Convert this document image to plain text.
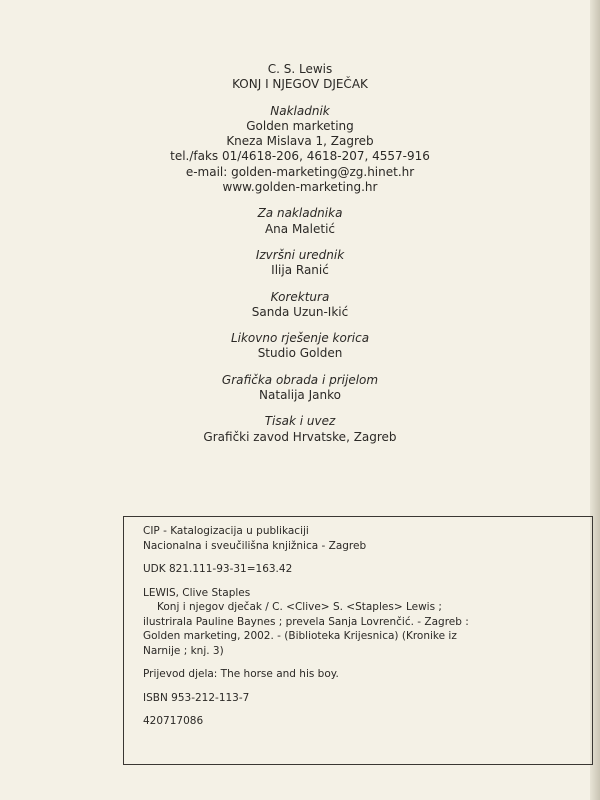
C. S. Lewis
KONJ I NJEGOV DJEČAK
Nakladnik
Golden marketing
Kneza Mislava 1, Zagreb
tel./faks 01/4618-206, 4618-207, 4557-916
e-mail: golden-marketing@zg.hinet.hr
www.golden-marketing.hr
Za nakladnika
Ana Maletić
Izvršni urednik
Ilija Ranić
Korektura
Sanda Uzun-Ikić
Likovno rješenje korica
Studio Golden
Grafička obrada i prijelom
Natalija Janko
Tisak i uvez
Grafički zavod Hrvatske, Zagreb
CIP - Katalogizacija u publikaciji
Nacionalna i sveučilišna knjižnica - Zagreb
UDK 821.111-93-31=163.42
LEWIS, Clive Staples
Konj i njegov dječak / C. <Clive> S. <Staples> Lewis ;
ilustrirala Pauline Baynes ; prevela Sanja Lovrenčić. - Zagreb :
Golden marketing, 2002. - (Biblioteka Krijesnica) (Kronike iz
Narnije ; knj. 3)
Prijevod djela: The horse and his boy.
ISBN 953-212-113-7
420717086
